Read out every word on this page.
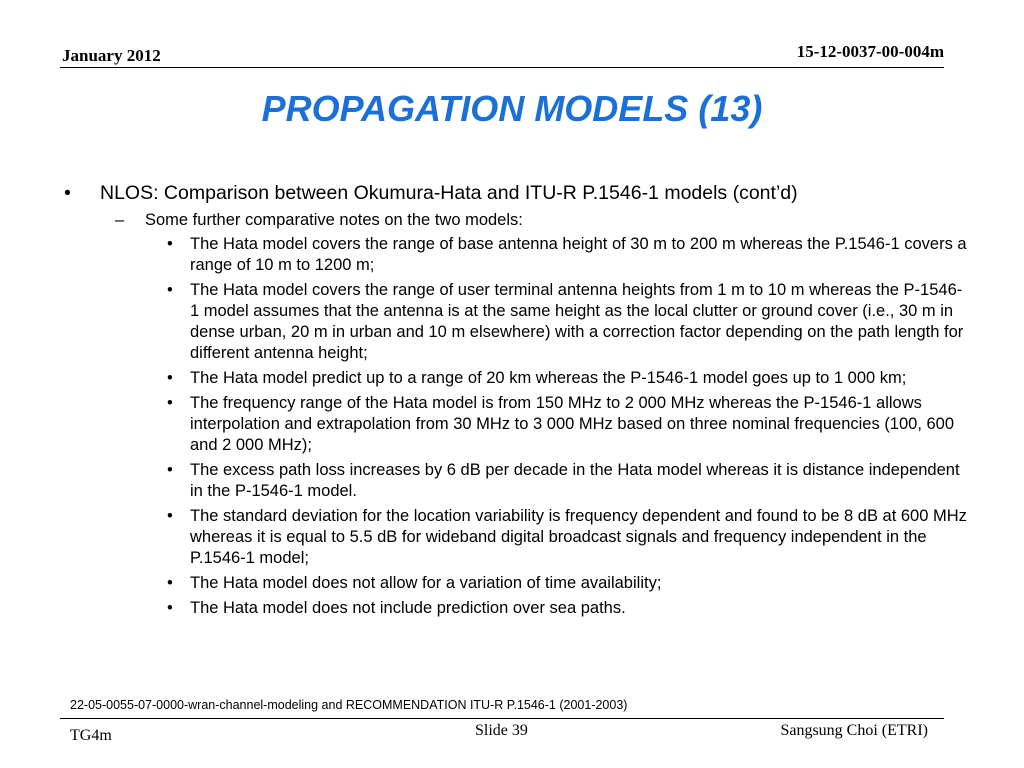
January 2012	15-12-0037-00-004m
PROPAGATION MODELS (13)
• NLOS: Comparison between Okumura-Hata and ITU-R P.1546-1 models (cont’d)
– Some further comparative notes on the two models:
• The Hata model covers the range of base antenna height of 30 m to 200 m whereas the P.1546-1 covers a range of 10 m to 1200 m;
• The Hata model covers the range of user terminal antenna heights from 1 m to 10 m whereas the P-1546-1 model assumes that the antenna is at the same height as the local clutter or ground cover (i.e., 30 m in dense urban, 20 m in urban and 10 m elsewhere) with a correction factor depending on the path length for different antenna height;
• The Hata model predict up to a range of 20 km whereas the P-1546-1 model goes up to 1 000 km;
• The frequency range of the Hata model is from 150 MHz to 2 000 MHz whereas the P-1546-1 allows interpolation and extrapolation from 30 MHz to 3 000 MHz based on three nominal frequencies (100, 600 and 2 000 MHz);
• The excess path loss increases by 6 dB per decade in the Hata model whereas it is distance independent in the P-1546-1 model.
• The standard deviation for the location variability is frequency dependent and found to be 8 dB at 600 MHz whereas it is equal to 5.5 dB for wideband digital broadcast signals and frequency independent in the P.1546-1 model;
• The Hata model does not allow for a variation of time availability;
• The Hata model does not include prediction over sea paths.
22-05-0055-07-0000-wran-channel-modeling and RECOMMENDATION ITU-R P.1546-1 (2001-2003)
TG4m	Slide 39	Sangsung Choi (ETRI)
